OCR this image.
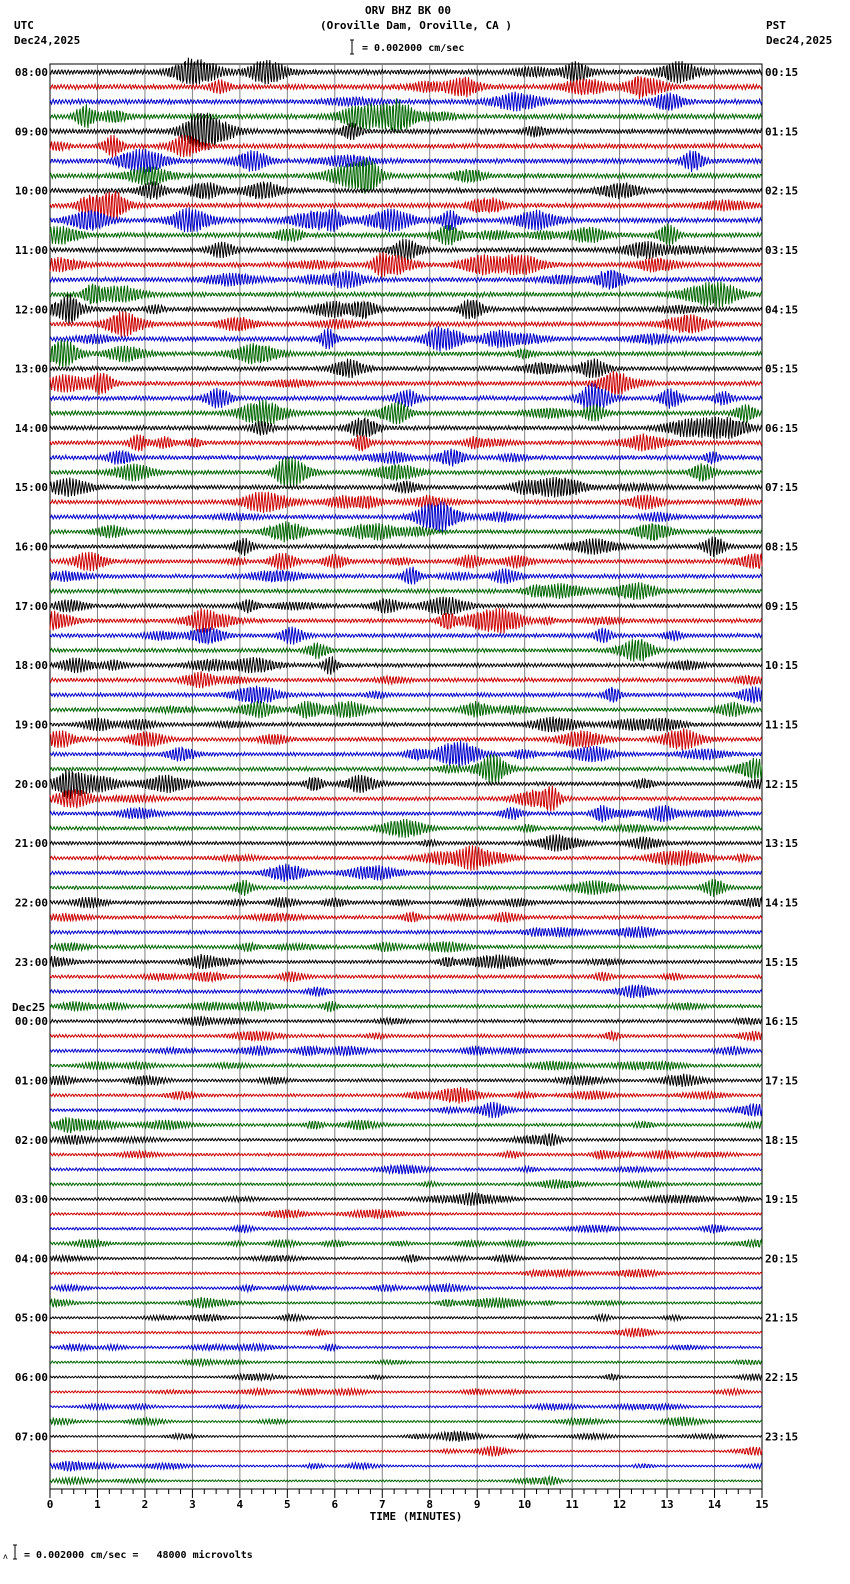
ORV BHZ BK 00
(Oroville Dam, Oroville, CA )
UTC
Dec24,2025
PST
Dec24,2025
= 0.002000 cm/sec
= 0.002000 cm/sec =   48000 microvolts
08:00	00:15
09:00	01:15
10:00	02:15
11:00	03:15
12:00	04:15
13:00	05:15
14:00	06:15
15:00	07:15
16:00	08:15
17:00	09:15
18:00	10:15
19:00	11:15
20:00	12:15
21:00	13:15
22:00	14:15
23:00	15:15
00:00	16:15
01:00	17:15
02:00	18:15
03:00	19:15
04:00	20:15
05:00	21:15
06:00	22:15
07:00	23:15
Dec25
0	1	2	3	4	5	6	7	8	9	10	11	12	13	14	15
TIME (MINUTES)
ʌ
